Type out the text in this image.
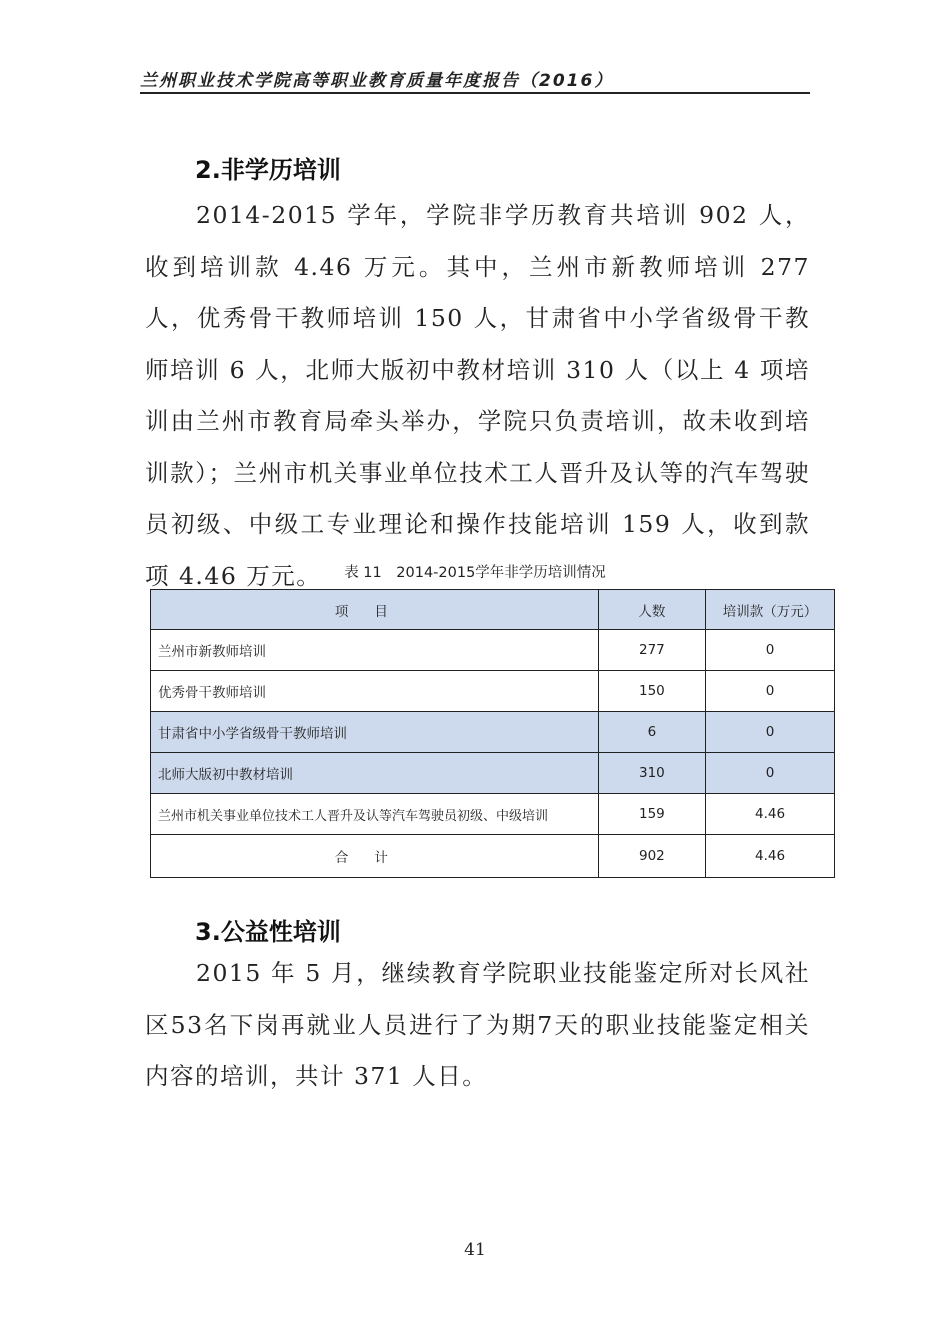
兰州职业技术学院高等职业教育质量年度报告（2016）
2.非学历培训

2014-2015 学年，学院非学历教育共培训 902 人，收到培训款 4.46 万元。其中，兰州市新教师培训 277 人，优秀骨干教师培训 150 人，甘肃省中小学省级骨干教师培训 6 人，北师大版初中教材培训 310 人（以上 4 项培训由兰州市教育局牵头举办，学院只负责培训，故未收到培训款）；兰州市机关事业单位技术工人晋升及认等的汽车驾驶员初级、中级工专业理论和操作技能培训 159 人，收到款项 4.46 万元。	表 11　2014-2015学年非学历培训情况
项目	人数	培训款（万元）
兰州市新教师培训	277	0
优秀骨干教师培训	150	0
甘肃省中小学省级骨干教师培训	6	0
北师大版初中教材培训	310	0
兰州市机关事业单位技术工人晋升及认等汽车驾驶员初级、中级培训	159	4.46
合计	902	4.46
3.公益性培训

2015 年 5 月，继续教育学院职业技能鉴定所对长风社区53名下岗再就业人员进行了为期7天的职业技能鉴定相关内容的培训，共计 371 人日。

41
